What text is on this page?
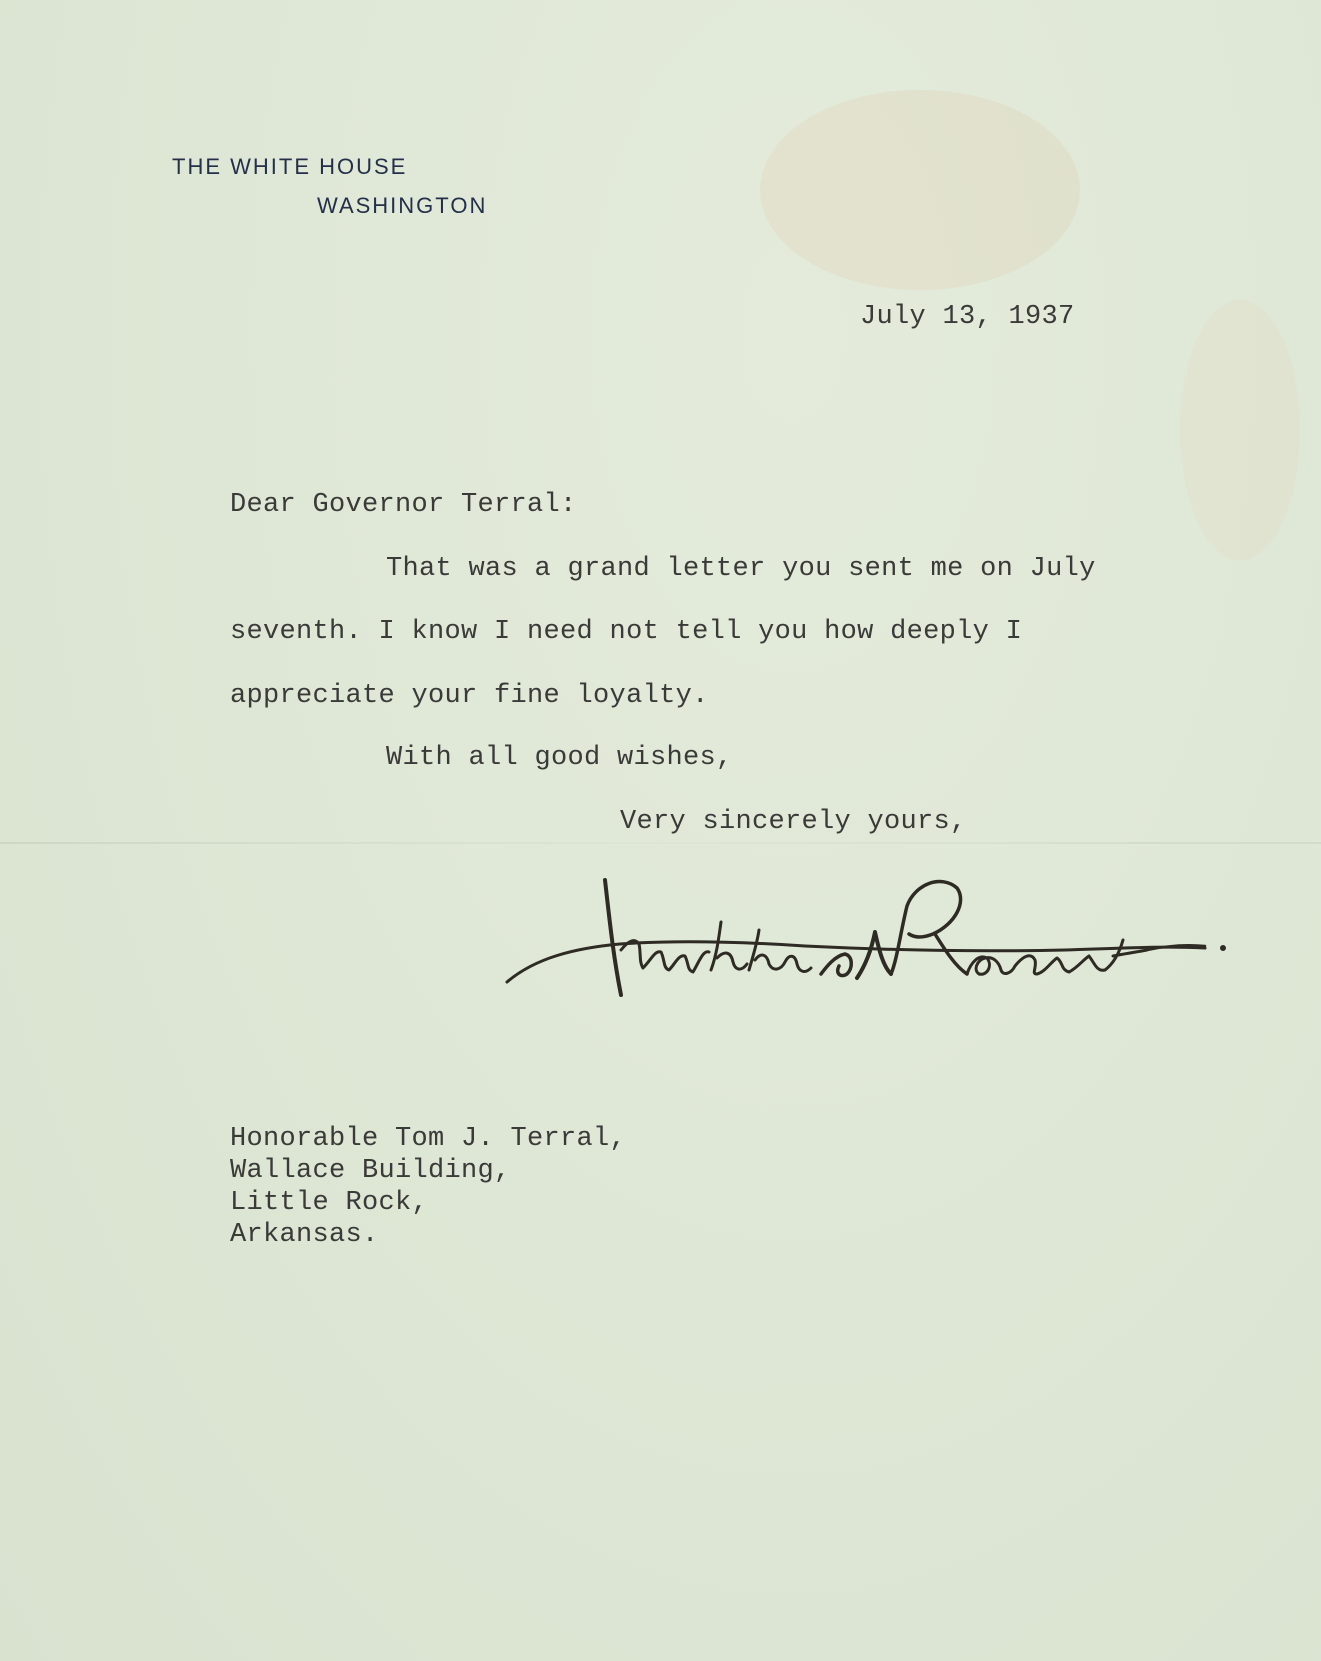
THE WHITE HOUSE
WASHINGTON
July 13, 1937
Dear Governor Terral:
That was a grand letter you sent me on July
seventh. I know I need not tell you how deeply I
appreciate your fine loyalty.
With all good wishes,
Very sincerely yours,
Honorable Tom J. Terral,
Wallace Building,
Little Rock,
Arkansas.
